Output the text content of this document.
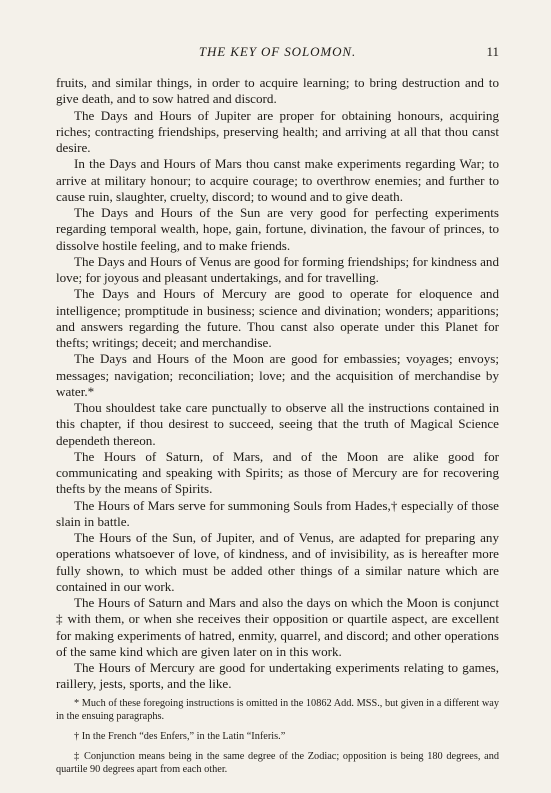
THE KEY OF SOLOMON.	11

fruits, and similar things, in order to acquire learning; to bring destruction and to give death, and to sow hatred and discord.

The Days and Hours of Jupiter are proper for obtaining honours, acquiring riches; contracting friendships, preserving health; and arriving at all that thou canst desire.

In the Days and Hours of Mars thou canst make experiments regarding War; to arrive at military honour; to acquire courage; to overthrow enemies; and further to cause ruin, slaughter, cruelty, discord; to wound and to give death.

The Days and Hours of the Sun are very good for perfecting experiments regarding temporal wealth, hope, gain, fortune, divination, the favour of princes, to dissolve hostile feeling, and to make friends.

The Days and Hours of Venus are good for forming friendships; for kindness and love; for joyous and pleasant undertakings, and for travelling.

The Days and Hours of Mercury are good to operate for eloquence and intelligence; promptitude in business; science and divination; wonders; apparitions; and answers regarding the future. Thou canst also operate under this Planet for thefts; writings; deceit; and merchandise.

The Days and Hours of the Moon are good for embassies; voyages; envoys; messages; navigation; reconciliation; love; and the acquisition of merchandise by water.*

Thou shouldest take care punctually to observe all the instructions contained in this chapter, if thou desirest to succeed, seeing that the truth of Magical Science dependeth thereon.

The Hours of Saturn, of Mars, and of the Moon are alike good for communicating and speaking with Spirits; as those of Mercury are for recovering thefts by the means of Spirits.

The Hours of Mars serve for summoning Souls from Hades,† especially of those slain in battle.

The Hours of the Sun, of Jupiter, and of Venus, are adapted for preparing any operations whatsoever of love, of kindness, and of invisibility, as is hereafter more fully shown, to which must be added other things of a similar nature which are contained in our work.

The Hours of Saturn and Mars and also the days on which the Moon is conjunct ‡ with them, or when she receives their opposition or quartile aspect, are excellent for making experiments of hatred, enmity, quarrel, and discord; and other operations of the same kind which are given later on in this work.

The Hours of Mercury are good for undertaking experiments relating to games, raillery, jests, sports, and the like.

* Much of these foregoing instructions is omitted in the 10862 Add. MSS., but given in a different way in the ensuing paragraphs.

† In the French “des Enfers,” in the Latin “Inferis.”

‡ Conjunction means being in the same degree of the Zodiac; opposition is being 180 degrees, and quartile 90 degrees apart from each other.
